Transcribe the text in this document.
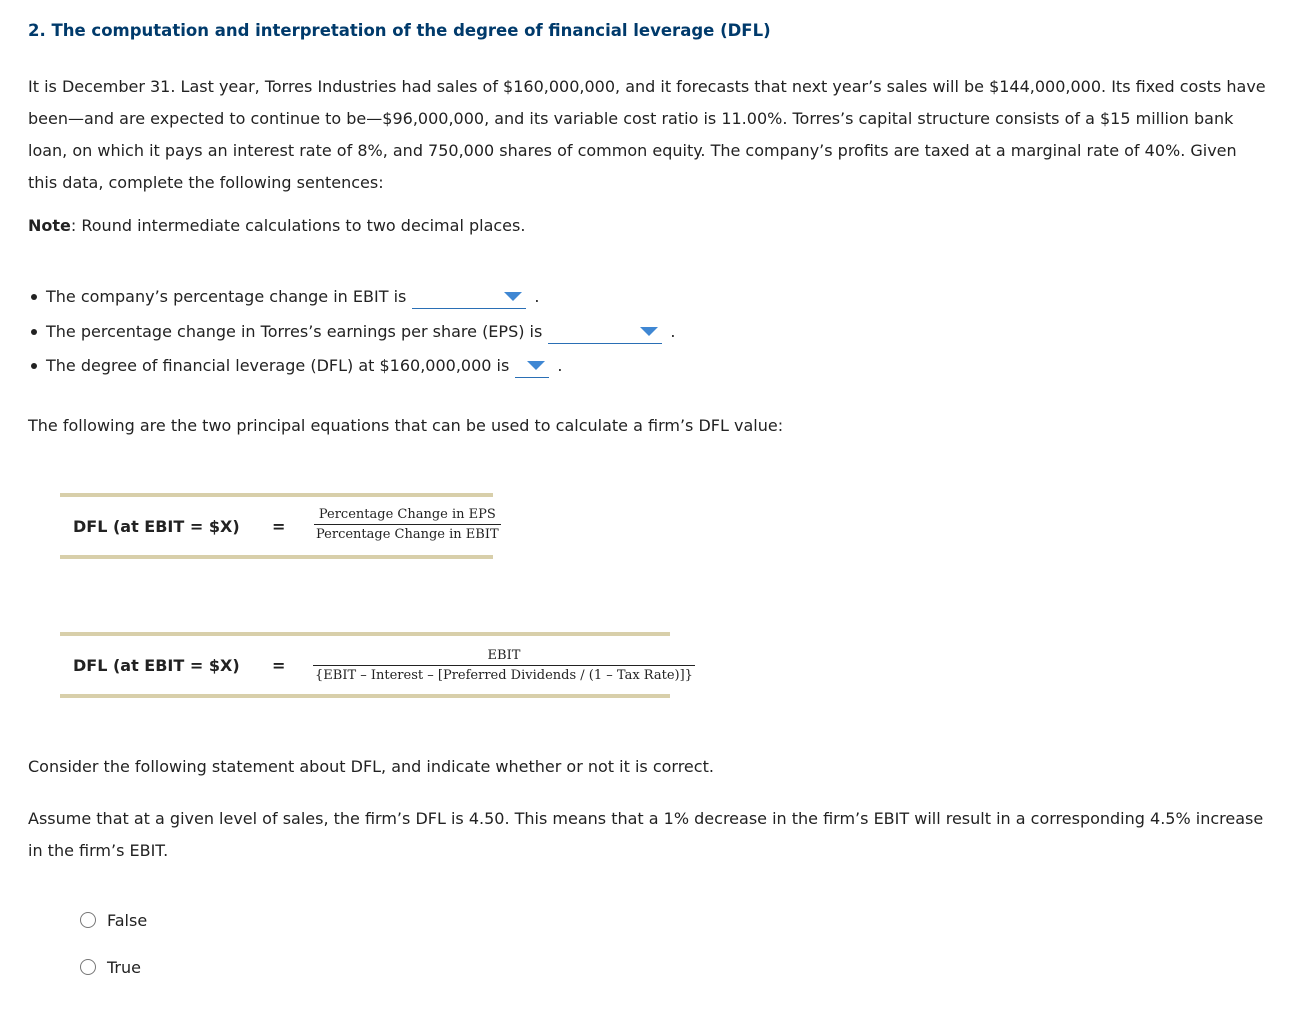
2. The computation and interpretation of the degree of financial leverage (DFL)

It is December 31. Last year, Torres Industries had sales of $160,000,000, and it forecasts that next year’s sales will be $144,000,000. Its fixed costs have been—and are expected to continue to be—$96,000,000, and its variable cost ratio is 11.00%. Torres’s capital structure consists of a $15 million bank loan, on which it pays an interest rate of 8%, and 750,000 shares of common equity. The company’s profits are taxed at a marginal rate of 40%. Given this data, complete the following sentences:

Note: Round intermediate calculations to two decimal places.
The company’s percentage change in EBIT is	.
The percentage change in Torres’s earnings per share (EPS) is	.
The degree of financial leverage (DFL) at $160,000,000 is	.
The following are the two principal equations that can be used to calculate a firm’s DFL value:
DFL (at EBIT = $X) =
Percentage Change in EPS
Percentage Change in EBIT
DFL (at EBIT = $X) =
EBIT
{EBIT – Interest – [Preferred Dividends / (1 – Tax Rate)]}
Consider the following statement about DFL, and indicate whether or not it is correct.

Assume that at a given level of sales, the firm’s DFL is 4.50. This means that a 1% decrease in the firm’s EBIT will result in a corresponding 4.5% increase in the firm’s EBIT.

False
True
